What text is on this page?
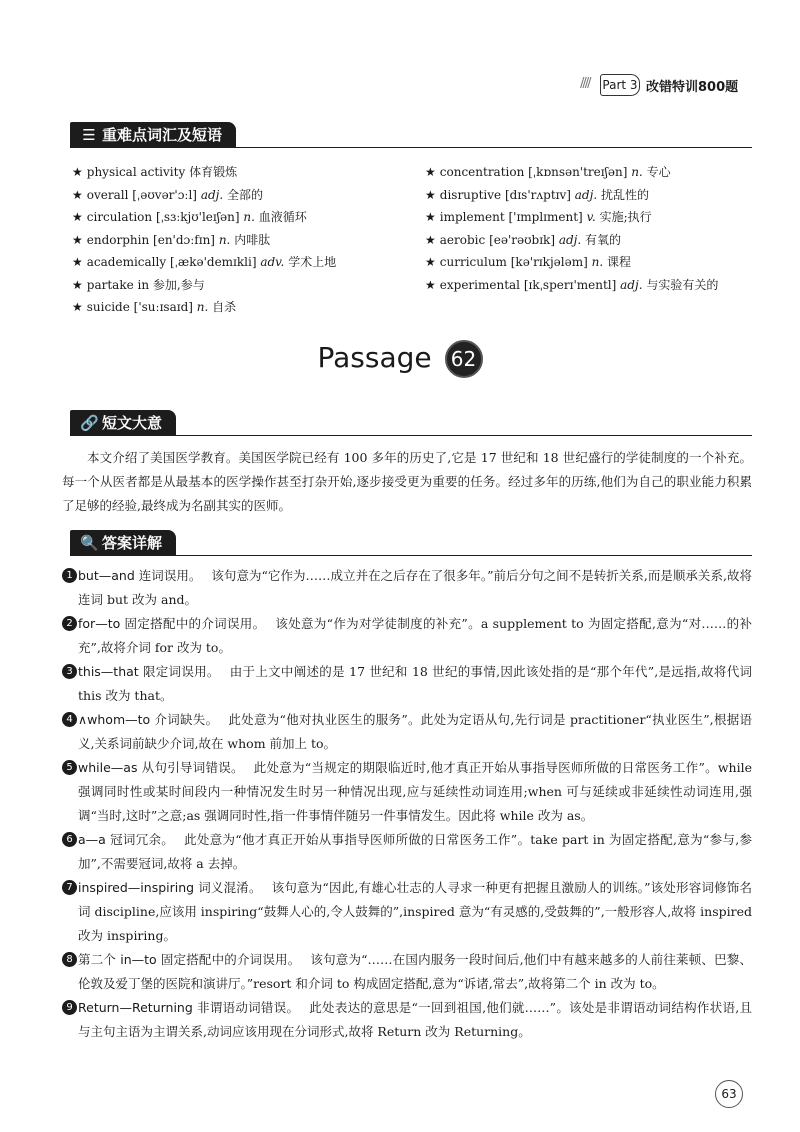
//// Part 3 改错特训800题
☰ 重难点词汇及短语
★ physical activity 体育锻炼
★ overall [ˌəʊvər'ɔːl] adj. 全部的
★ circulation [ˌsɜːkjʊ'leɪʃən] n. 血液循环
★ endorphin [en'dɔːfɪn] n. 内啡肽
★ academically [ˌækə'demɪkli] adv. 学术上地
★ partake in 参加,参与
★ suicide ['suːɪsaɪd] n. 自杀
★ concentration [ˌkɒnsən'treɪʃən] n. 专心
★ disruptive [dɪs'rʌptɪv] adj. 扰乱性的
★ implement ['ɪmplɪment] v. 实施;执行
★ aerobic [eə'rəʊbɪk] adj. 有氧的
★ curriculum [kə'rɪkjələm] n. 课程
★ experimental [ɪkˌsperɪ'mentl] adj. 与实验有关的
Passage 62
🔗 短文大意
本文介绍了美国医学教育。美国医学院已经有 100 多年的历史了,它是 17 世纪和 18 世纪盛行的学徒制度的一个补充。每一个从医者都是从最基本的医学操作甚至打杂开始,逐步接受更为重要的任务。经过多年的历练,他们为自己的职业能力积累了足够的经验,最终成为名副其实的医师。
🔍 答案详解
1 but—and 连词误用。 该句意为“它作为……成立并在之后存在了很多年。”前后分句之间不是转折关系,而是顺承关系,故将连词 but 改为 and。
2 for—to 固定搭配中的介词误用。 该处意为“作为对学徒制度的补充”。a supplement to 为固定搭配,意为“对……的补充”,故将介词 for 改为 to。
3 this—that 限定词误用。 由于上文中阐述的是 17 世纪和 18 世纪的事情,因此该处指的是“那个年代”,是远指,故将代词 this 改为 that。
4 ∧whom—to 介词缺失。 此处意为“他对执业医生的服务”。此处为定语从句,先行词是 practitioner“执业医生”,根据语义,关系词前缺少介词,故在 whom 前加上 to。
5 while—as 从句引导词错误。 此处意为“当规定的期限临近时,他才真正开始从事指导医师所做的日常医务工作”。while 强调同时性或某时间段内一种情况发生时另一种情况出现,应与延续性动词连用;when 可与延续或非延续性动词连用,强调“当时,这时”之意;as 强调同时性,指一件事情伴随另一件事情发生。因此将 while 改为 as。
6 a—a 冠词冗余。 此处意为“他才真正开始从事指导医师所做的日常医务工作”。take part in 为固定搭配,意为“参与,参加”,不需要冠词,故将 a 去掉。
7 inspired—inspiring 词义混淆。 该句意为“因此,有雄心壮志的人寻求一种更有把握且激励人的训练。”该处形容词修饰名词 discipline,应该用 inspiring“鼓舞人心的,令人鼓舞的”,inspired 意为“有灵感的,受鼓舞的”,一般形容人,故将 inspired 改为 inspiring。
8 第二个 in—to 固定搭配中的介词误用。 该句意为“……在国内服务一段时间后,他们中有越来越多的人前往莱顿、巴黎、伦敦及爱丁堡的医院和演讲厅。”resort 和介词 to 构成固定搭配,意为“诉诸,常去”,故将第二个 in 改为 to。
9 Return—Returning 非谓语动词错误。 此处表达的意思是“一回到祖国,他们就……”。该处是非谓语动词结构作状语,且与主句主语为主谓关系,动词应该用现在分词形式,故将 Return 改为 Returning。
63
